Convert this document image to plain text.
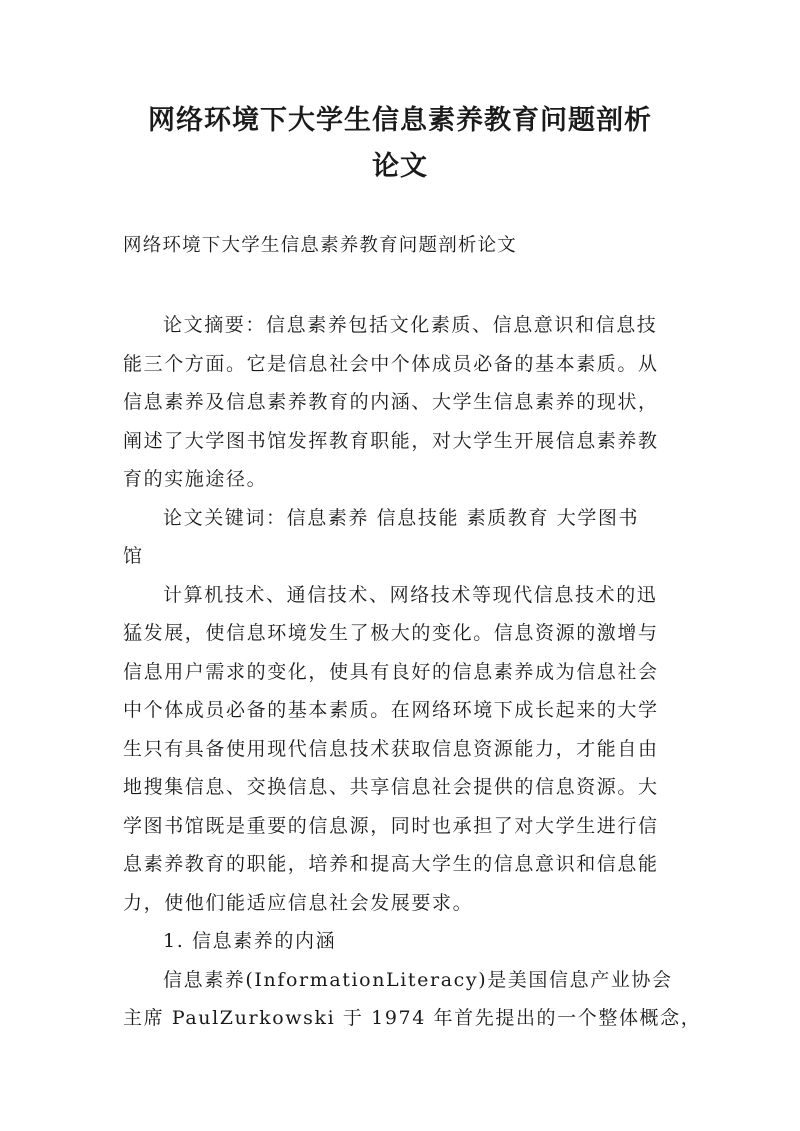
网络环境下大学生信息素养教育问题剖析
论文
网络环境下大学生信息素养教育问题剖析论文
论文摘要：信息素养包括文化素质、信息意识和信息技
能三个方面。它是信息社会中个体成员必备的基本素质。从
信息素养及信息素养教育的内涵、大学生信息素养的现状，
阐述了大学图书馆发挥教育职能，对大学生开展信息素养教
育的实施途径。
论文关键词：信息素养 信息技能 素质教育 大学图书
馆
计算机技术、通信技术、网络技术等现代信息技术的迅
猛发展，使信息环境发生了极大的变化。信息资源的激增与
信息用户需求的变化，使具有良好的信息素养成为信息社会
中个体成员必备的基本素质。在网络环境下成长起来的大学
生只有具备使用现代信息技术获取信息资源能力，才能自由
地搜集信息、交换信息、共享信息社会提供的信息资源。大
学图书馆既是重要的信息源，同时也承担了对大学生进行信
息素养教育的职能，培养和提高大学生的信息意识和信息能
力，使他们能适应信息社会发展要求。
1. 信息素养的内涵
信息素养(InformationLiteracy)是美国信息产业协会
主席 PaulZurkowski 于 1974 年首先提出的一个整体概念，
